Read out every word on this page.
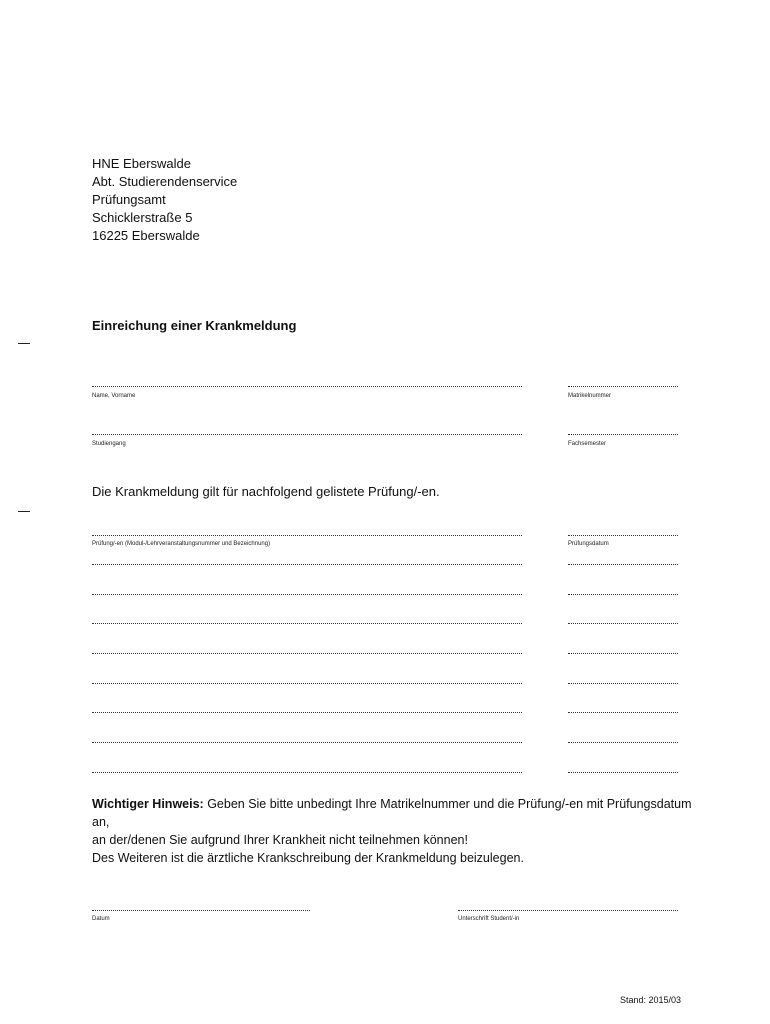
HNE Eberswalde
Abt. Studierendenservice
Prüfungsamt
Schicklerstraße 5
16225 Eberswalde
Einreichung einer Krankmeldung
Name, Vorname	Matrikelnummer
Studiengang	Fachsemester
Die Krankmeldung gilt für nachfolgend gelistete Prüfung/-en.
Prüfung/-en (Modul-/Lehrveranstaltungsnummer und Bezeichnung)	Prüfungsdatum
Wichtiger Hinweis: Geben Sie bitte unbedingt Ihre Matrikelnummer und die Prüfung/-en mit Prüfungsdatum an,
an der/denen Sie aufgrund Ihrer Krankheit nicht teilnehmen können!
Des Weiteren ist die ärztliche Krankschreibung der Krankmeldung beizulegen.
Datum	Unterschrift Student/-in
Stand: 2015/03
